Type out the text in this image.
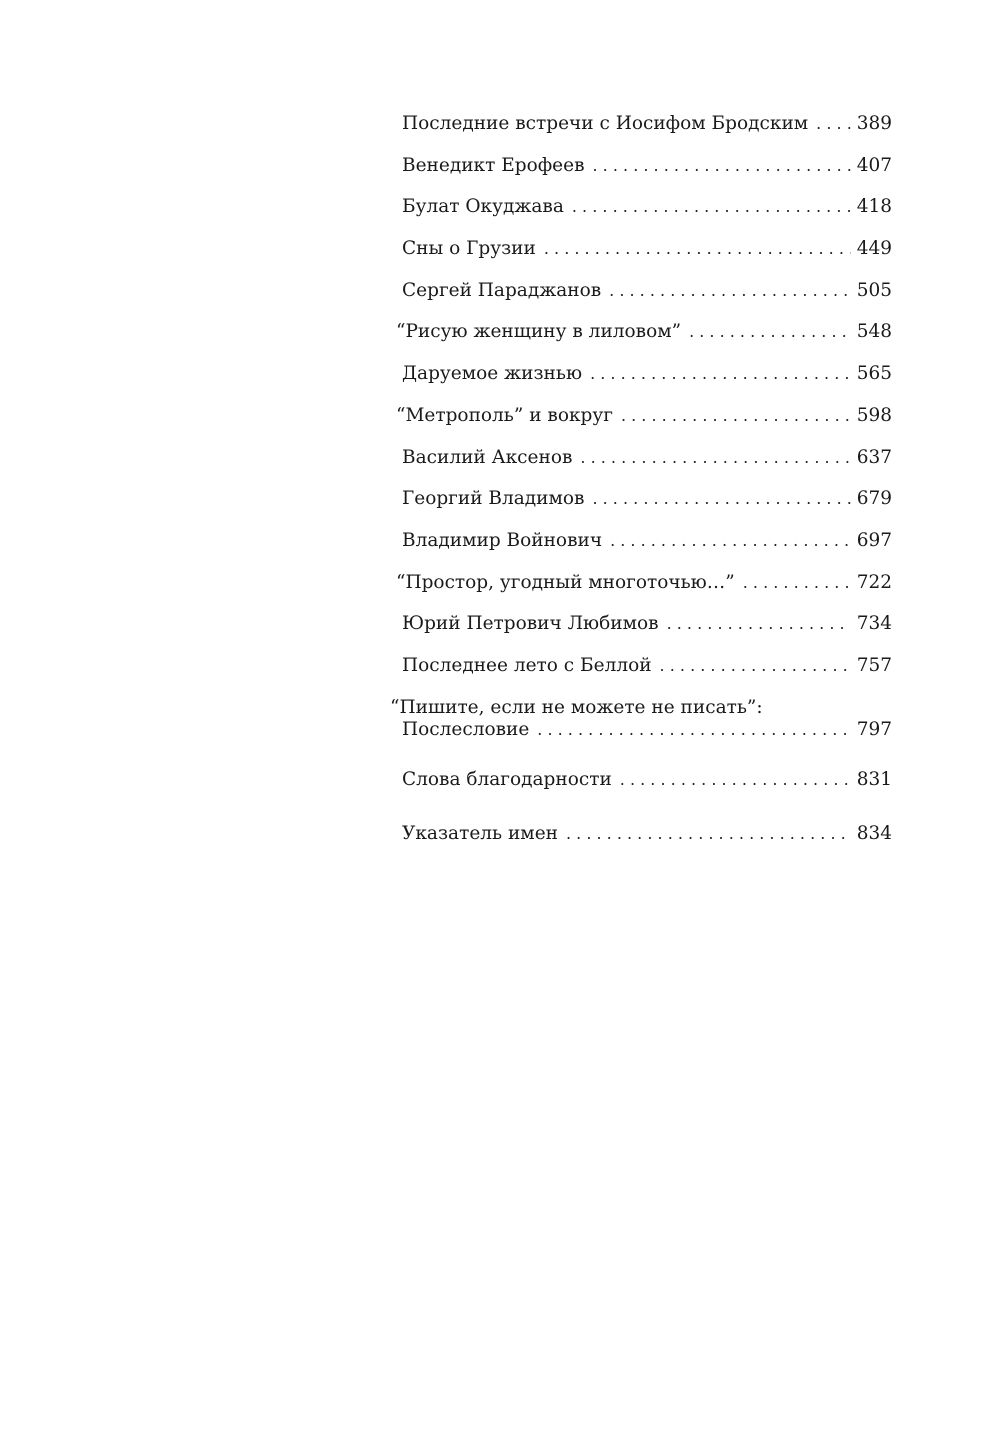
Последние встречи с Иосифом Бродским . . .	389
Венедикт Ерофеев . . .	407
Булат Окуджава . . .	418
Сны о Грузии . . .	449
Сергей Параджанов . . .	505
“Рисую женщину в лиловом” . . .	548
Даруемое жизнью . . .	565
“Метрополь” и вокруг . . .	598
Василий Аксенов . . .	637
Георгий Владимов . . .	679
Владимир Войнович . . .	697
“Простор, угодный многоточью…” . . .	722
Юрий Петрович Любимов . . .	734
Последнее лето с Беллой . . .	757
“Пишите, если не можете не писать”:
Послесловие . . .	797
Слова благодарности . . .	831
Указатель имен . . .	834
